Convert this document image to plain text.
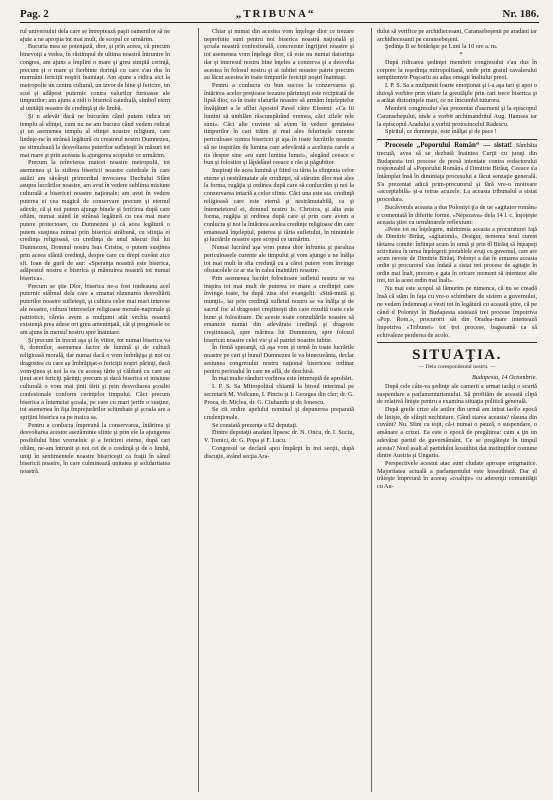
Pag. 2	„TRIBUNA“	Nr. 186.

rul universului dela care se întrepteazǎ paşii oamenilor să ne ajute a ne apropia tot mai mult, de scopul ce urmărim.

Bucuria mea se potenţază, dior, şi prin aceea, că precum binevoiţi a vedea, în răstimpul de ultima noastră întrunire în congres, am ajuns a împlini o mare şi greu simţită cerinţă, precum şi o mare şi fierbinte dorinţă cu care s'au dus în mormânt fericiţii noştrii înaintaşi. Am ajuns a ridica aici la metropolie un centru cultural, un izvor de bine şi fericire, un scut şi adăpost puternic contra valurilor furioasse ale timpurilor; am ajuns a zidi o biserică catedrală, simbol etern al unităţii noastre de credinţă şi de limbă.

Şi n adevăr dacă ne bucurăm când putem ridica un templu al sfinţei, cum nu ne am bucura când vedem ridicat şi un asemenea templu al sfinţei noastre religiuni, care lindeţe-ne în strânsă legătură cu creatorul nostru Dumnezeu, ne stimulează la desvoltarea puterilor sufleteşti în măsuri tot mai mare şi prin aceasta la ajungerea scopului ce urmărim.

Precum la reînvierea maicei noastre metropolii, tot asemenea şi la zidirea bisericii noastre catedrale în care astăzi am săvârşit primordiul invocarea Duchului Sfânt asupra lucrărilor noastre, am avut în vedere sublima misiune culturală a bisericei noastre naţionale; am avut în vedere puterea ei cea magică de conservare precum şi eternul adevăr, că şi noi putem ajunge binele şi fericirea după care oftăm, numai stând în strânsă legătură cu cea mai mare putere protectoare, cu Dumnezeu şi că acea legătură o putem susţinea numai prin biserica străbună, cu sfinţia ei credinţa religioasă, cu credinţa de unul născut fiul lui Dumnezeu, Domnul nostru Isus Cristos, o putem susţinea prin aceea sfântă credinţă, despre care cu drept cuvânt zice sft. Ioan de gură de aur: «Speranţa noastră este biserica, adăpostul nostru e biserica şi mântuirea noastră tot numai biserica».

Precum se ştie Dlor, biserica ne-a fost totdeauna acel puternic stâlmul dela care a emanat răzunarea desvoltării puterilor noastre sufleteşti, şi cultura celor mai mari interese ale noastre, cultura intereselor religioase morale-naţionale şi patriotice, căreia avem a mulţumi atât vechia noastră existenţă prea adese ori greu ameninţată, cât şi progresele ce am ajuns în mersul nostru spre înaintare.

Şi precum în trecut aşa şi în viitor, tot numai biserica va fi, domnilor, asemenea factor de lumină şi de cultură religioasă morală, dar numai dacă o vom îmbrăţişa şi noi cu dragostea cu care au îmbrăţişat-o fericiţii noştri părinţi, dacă vom-ţinea şi noi la ea cu aceeaş tărie şi căldură cu care au ţinut acei fericiţi părinţi; precum şi dacă biserica ei misiune culturală o vom mai ţinti tării şi prin desvoltarea şcoalei confesionale conform cerinţelor timpului. Căci precum biserica a întemeiat şcoala, pe care cu mari jertfe o susţine, tot asemenea în fiţa împrejurărilor schimbate şi şcoala are a sprijini biserica ca pe maica sa.

Pentru a conlucra împreună la conservarea, întărirea şi desvoltarea acestor asezăminte sfinte şi prin ele la ajungerea posibilului bine vremelnic şi a fericirei eterne, după cari oftăm, ne-am întrunit şi noi cei de o credinţă şi de o limbă, uniţi în sentimentele noastre bisericeşti ca fraţii în sânul bisericii noastre, în care culminează unitatea şi solidaritatea noastră.

Chiar şi numai din acestea vom înţelege dior ce trezare neprefuite sunt pentru noi biserica noastră naţională şi şcoala noastră confesională, concrezute îngrijirei noastre şi tot asemenea vom înţelege dior, că este nu numai datorinţa dar şi interesul nostru bine înţeles a conzerva şi a desvolta acestea în folosul nostru şi ai iubitei noastre patrie precum au lăcut acestea în toate timpurile fericiţii noştri înaintaşi.

Pentru a conlucra cu bun succes la conzervarea şi întărirea acelor preţioase tezaure părinteşti este recipirată de lipsă dior, ca în toate sfaturile noastre să urmăm înţeleptelor învăţături a le sfîlui Apostol Pavel câtre Efeseni: «Ca fii lumini să umblăm răscumpărând vremea, căci zilele rele sunt». Căci alte cuvinte să avem în vedere greutatea timpurilor în cari trăim şi mai ales felurinele curente periculoase contra bisericei şi aşa în toate lucrările noastre să ne inspirăm de lumina care adevărată a acelunia carele a ris despre sine «eu sunt lumina lumei», alegând ceeace e bun şi folositor şi lăpădând ceeace e rău şi păgubitor.

Inspiraţi de acea lumină şi fiind cu tăria la sfinţenia celor eterne şi nestrămutate ale credinţei, să stăruim dlor mai ales la forma, rugăţia şi ordinea după care să conlucrăm şi noi la conzervarea intactă a celor sfinte. Căci una este sta. credinţă religioasă care este eternă şi nestrămutabilă, ca şi întemeietorul ei, domnul nostru Is. Christos, şi alta este forma, rugăţia şi ordinea după care şi prin care avem a conlucra şi noi la întărirea acelea credinţe religioase din care emanează înţeleptul, puterea şi tăria sufletului, în ninuntele şi lucrările noastre spre scopul ce urmărim.

Numai lucrând aşa vom putea dior înfrunta şi paraliza periculoasele curente ale timpului şi vom ajunge a ne înălţa tot mai mult în sfta credinţă cu a cărei putere vom învinge obstacolele ce ar sta în calea înaintării noastre.

Prin asemenea lucrări folositoare sufletul nostru se va inspira tot mai mult de puterea ce mare a credinţei care învinge toate, ba după zisa sfei evangelii: «Stră-mută şi munţii», iar prin credinţă sufletul nostru se va înălţa şi de sacrul foc al dragostei creştineşti din care rezultă toate cele bune şi folositoare. De aceste toate conzultările noastre să emaneze numai din adevărata credinţă şi dragoste creştinească, spre mărirea lui Dumnezeu, spre folosul bisericei noastre celei vie şi al patriei noastre iubite.

În firmă speranţă, că aşa vom şi urmă în toate lucrările noastre pe cari şi bunul Dumnezeu le va binecuvânta, declar sesiunea congresului nostru naţional bisericesc ordinar pentru perioadul în care ne află, de deschisă.

În mai multe rânduri vorbirea este întreruptă de aprobări.

I. P. S. Sa Mitropolitul chiamă la biroul interimal pe secretarii M. Voilcanu, I. Pinciu şi I. Georgea din cler; dr. G. Proca, dr. Miclea, dr. G. Ciuhandu şi dr. Ionescu.

Se cit ordire apelului nominal şi depunerea preparată credenţionale.

Se constată prezenţa a 62 deputaţi.

Dintre deputaţii aradani lipsesc dr. N. Oncu, dr. I. Suciu, V. Tomici, dr. G. Popa şi F. Lucu.

Congresul se declară apoi împărţit în trei secţii, după discuţie, având secţia Ara-

dului să verifice pe archidiecesani, Caransebeşenii pe aradani iar archidiecesanii pe caransebeşeni.

Şedinţa II se hotărăşte pe Luni la 10 ore a. m.

*

După ridicarea şedinţei membrii congresului s'au dus în corpore la reşedinţa mitropolitană, unde prin graiul cavalerului sempitemvir Puşcariu au adus omagii înaltului preot.

I. P. S. Sa a mulţumit foarte emoţionat şi i-a aşa tari şi apoi o duioşă vorbire prin vitare la greutăţile prin cari trece biserica şi a arătat distorinţele mari, ce ne îmcumbă tuturora.

Membrii congresului s'au prezentat d'asemeni şi la episcopul Caransebeşului, unde a vorbit archimandritul Aug. Hamsea iar la episcopul Aradului a vorbit protosincelul Radescu.

Spiritul, ce domneşte, este înălţat şi de pace !

Procesele „Poporului Român“ — sistat! Sâmbăta trecută, avea să se dezbată înaintea Curţii cu juraţi din Budapesta trei procese de presă intentate contra redactorului responzabil al «Poporului Român» d Dimitrie Birăuţ. Ceeace s'a întâmplat însă în diminiaţa procesului a făcut senzaţie generală. S'a prezentat adică prim-procurorul şi fără vre-o motivare «acceptabilă» şi-a retras acuzele. La aceasta tribunalul a sistat procedura.

Bucăvoruls aceasta a dus Poloniyi ţ(a de ue «agitator român» e comentată în diferite forme. «Népszava» dela 14 l. c. înşoţeşte aceasta ştire cu următoarele reflexiuni:

«Peste tot nu înţelegem, mărinimia aceasta a procuraturei faţă de Dimitrie Birăuţ, «agitatorul», Desigur, nemerea noul curent tărtarea comite: înfiinţat acum în urmă şi prin dl Birăuţ să înţeapeţi activitatea în urma înţelegerii protablele avuţi cu guvernul, care are acum nevoie de Dimitrie Birăuţ. Polonyi a dat în urmarea aceasta ordin şi procurorul s'au îndatǎ a sistat trei procese de agitaţie în ordin mai înalt, precum e gata în oricare moment să intenteze alte trei, tot la acest ordin mai înalt».

Nu mai este scopul să lămurim pe nimenca, că nu se creadă însă că stăm în faţa cu vre-o schimbare de sistem a guvernului, ne vedem îndemnaţi a vesti tot în legătură cu această ştire, că pe când d Poloniyi în Budapesta sistează trei procese împotriva «Pop. Rom.», procurorii săi din Oradea-mare intentează împotriva «Tribunei» tot trei procese, bagseamǎ ca să echivaleze perderea de acolo.

SITUAŢIA.
— Dela corespondentul nostru. —
Budapesta, 14 Octombrie.

După cele câte-va şedinţe ale camerii a urmat iarăşi o scurtă suspendare a parlamentarismului. Să profităm de această clipă de relativă linişte pentru a examina situaţia politică generală.

După greile crize ale anilor din urmă am intrat iarǎ'o epocă de linişte, de sfârşit nechistare. Când starea aceasta? răsuna din cuvânt? Nu. Sfim cu toţii, că-i numai o pauză, o suspendare, o amânare a crizei. Ea este o epocă de pregătirea: cum a ţin un adevărat partid de guvernământ. Ce se pregăteşte în timpul acesta? Noul asalt al partidului kosuthist dat instituţiilor comune dintre Austria şi Ungaria.

Perspectivele acestui atac sunt cludate aproape enigmatice. Majoritatea actuală a parlamentului este kossuthistă. Dar el trăieşte împreună în aceeaş «coaliţie» cu aderenţii comunităţii cu Au-
